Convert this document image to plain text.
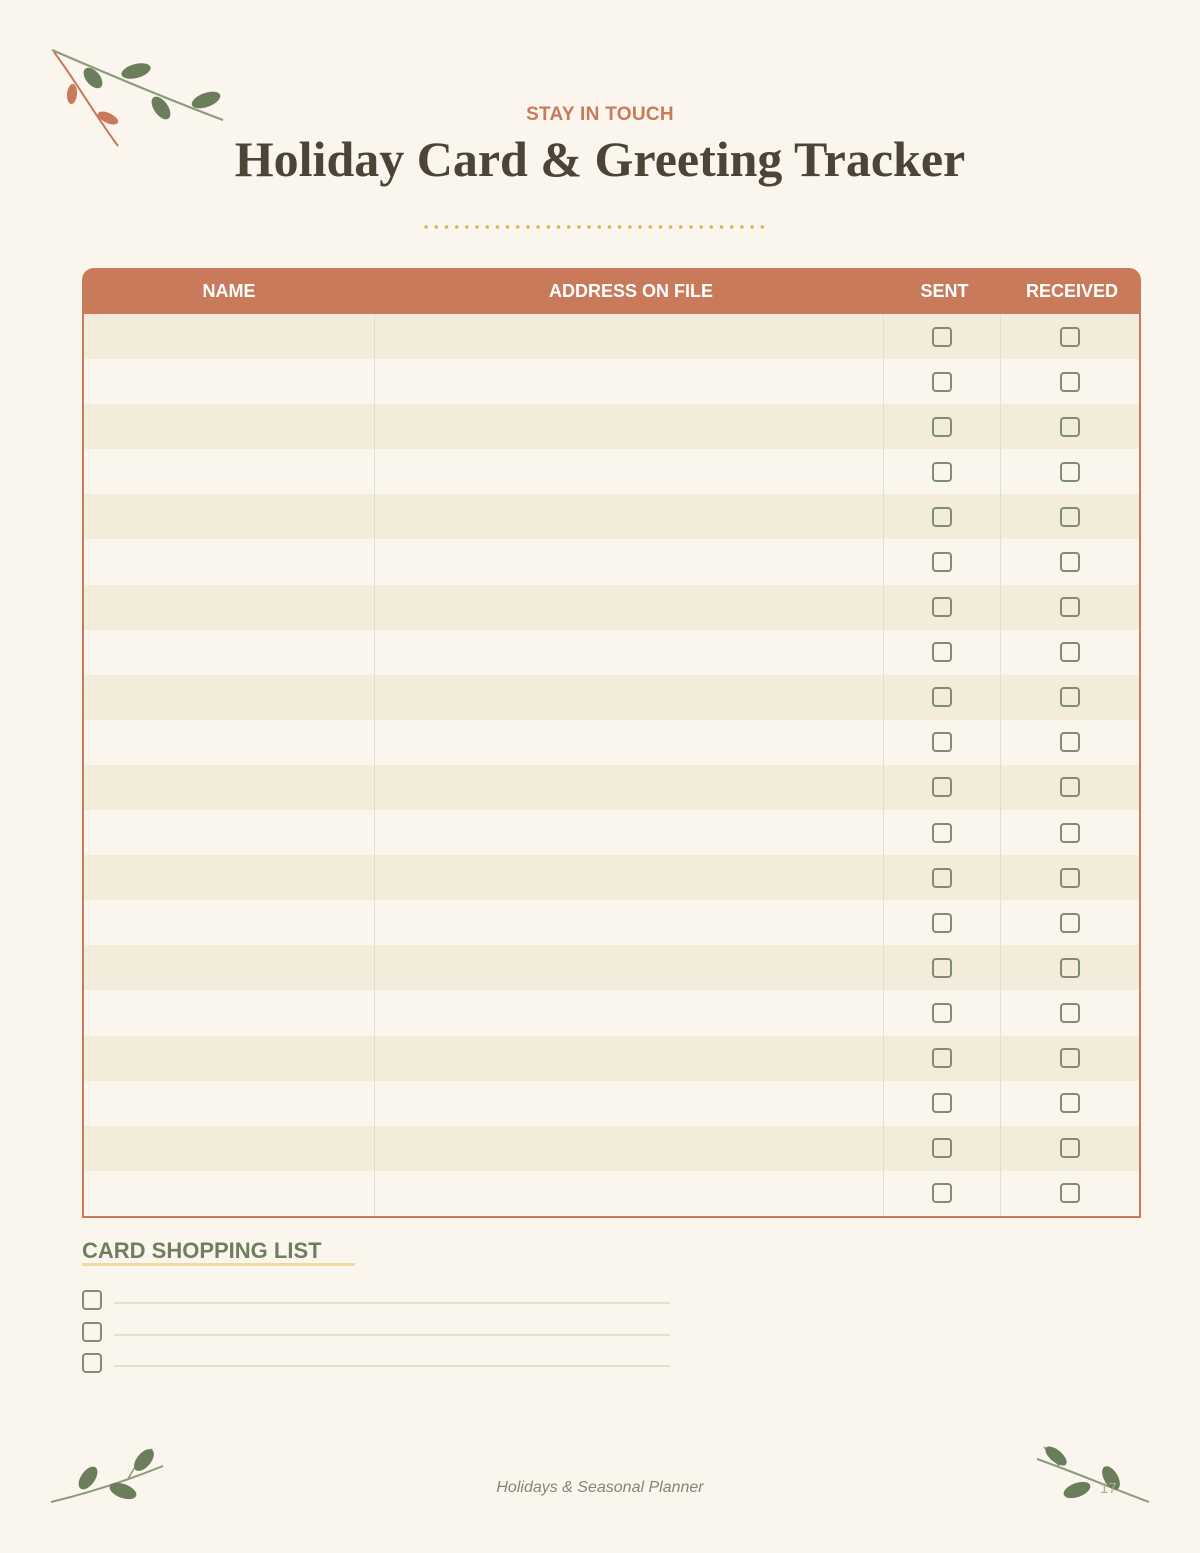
STAY IN TOUCH
Holiday Card & Greeting Tracker
NAME	ADDRESS ON FILE	SENT	RECEIVED
CARD SHOPPING LIST
Holidays & Seasonal Planner	17
